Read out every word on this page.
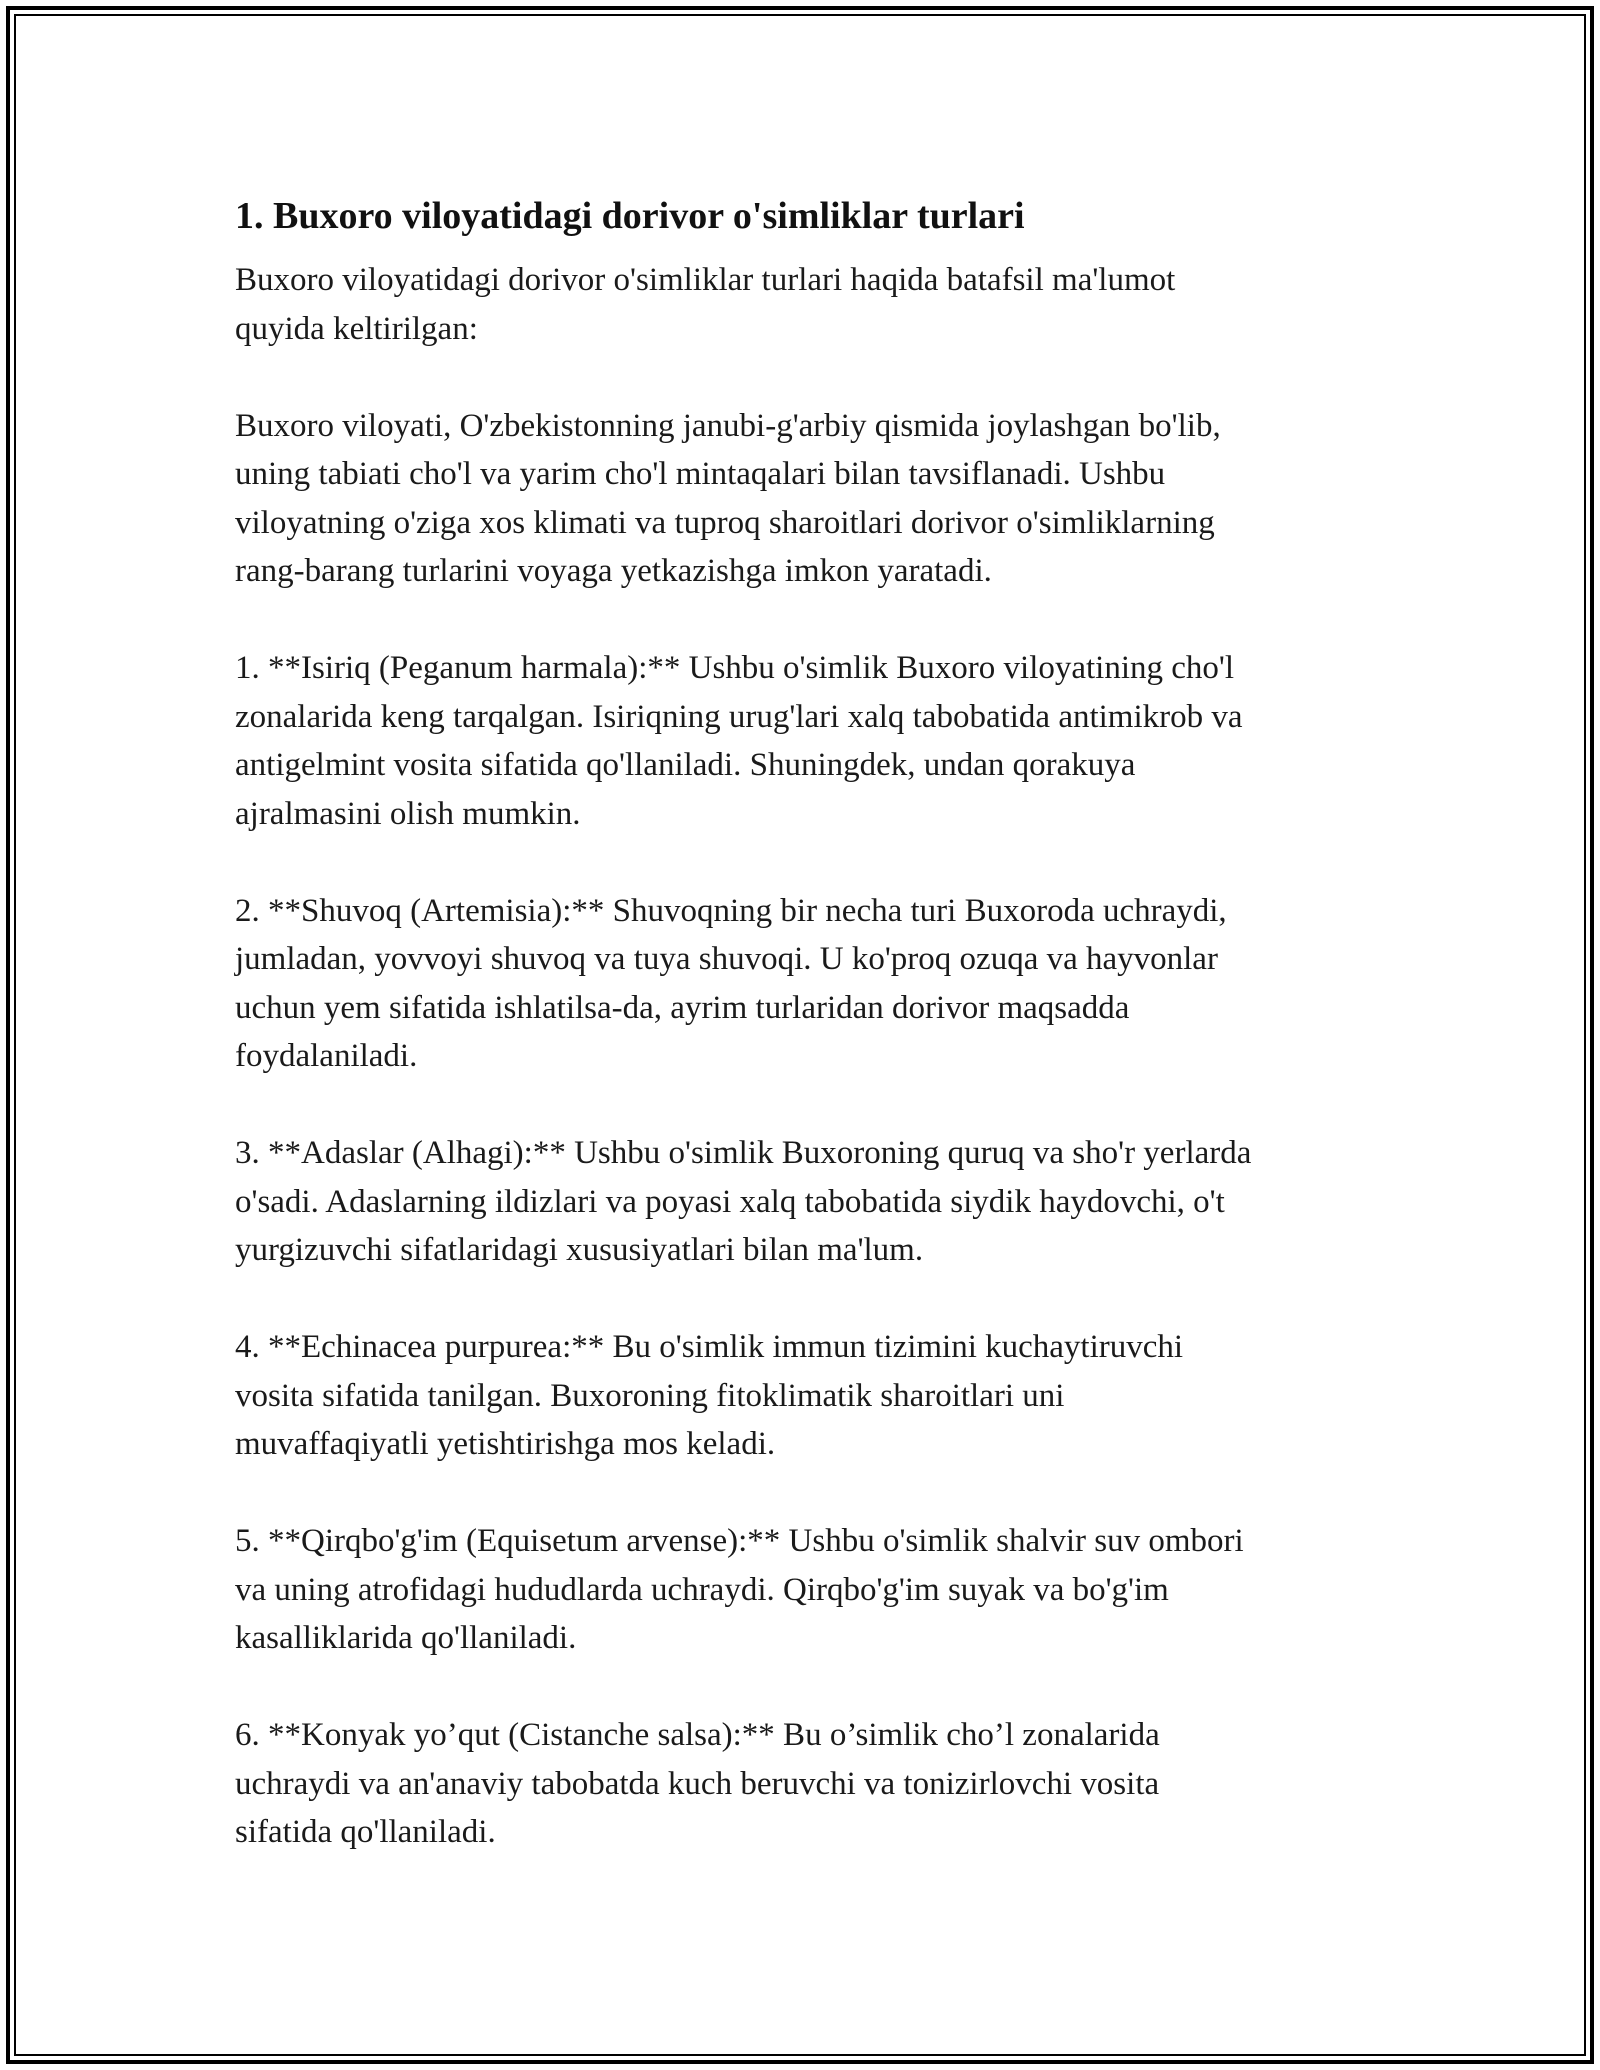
1. Buxoro viloyatidagi dorivor o'simliklar turlari

Buxoro viloyatidagi dorivor o'simliklar turlari haqida batafsil ma'lumot
quyida keltirilgan:

Buxoro viloyati, O'zbekistonning janubi-g'arbiy qismida joylashgan bo'lib,
uning tabiati cho'l va yarim cho'l mintaqalari bilan tavsiflanadi. Ushbu
viloyatning o'ziga xos klimati va tuproq sharoitlari dorivor o'simliklarning
rang-barang turlarini voyaga yetkazishga imkon yaratadi.

1. **Isiriq (Peganum harmala):** Ushbu o'simlik Buxoro viloyatining cho'l
zonalarida keng tarqalgan. Isiriqning urug'lari xalq tabobatida antimikrob va
antigelmint vosita sifatida qo'llaniladi. Shuningdek, undan qorakuya
ajralmasini olish mumkin.

2. **Shuvoq (Artemisia):** Shuvoqning bir necha turi Buxoroda uchraydi,
jumladan, yovvoyi shuvoq va tuya shuvoqi. U ko'proq ozuqa va hayvonlar
uchun yem sifatida ishlatilsa-da, ayrim turlaridan dorivor maqsadda
foydalaniladi.

3. **Adaslar (Alhagi):** Ushbu o'simlik Buxoroning quruq va sho'r yerlarda
o'sadi. Adaslarning ildizlari va poyasi xalq tabobatida siydik haydovchi, o't
yurgizuvchi sifatlaridagi xususiyatlari bilan ma'lum.

4. **Echinacea purpurea:** Bu o'simlik immun tizimini kuchaytiruvchi
vosita sifatida tanilgan. Buxoroning fitoklimatik sharoitlari uni
muvaffaqiyatli yetishtirishga mos keladi.

5. **Qirqbo'g'im (Equisetum arvense):** Ushbu o'simlik shalvir suv ombori
va uning atrofidagi hududlarda uchraydi. Qirqbo'g'im suyak va bo'g'im
kasalliklarida qo'llaniladi.

6. **Konyak yo’qut (Cistanche salsa):** Bu o’simlik cho’l zonalarida
uchraydi va an'anaviy tabobatda kuch beruvchi va tonizirlovchi vosita
sifatida qo'llaniladi.
